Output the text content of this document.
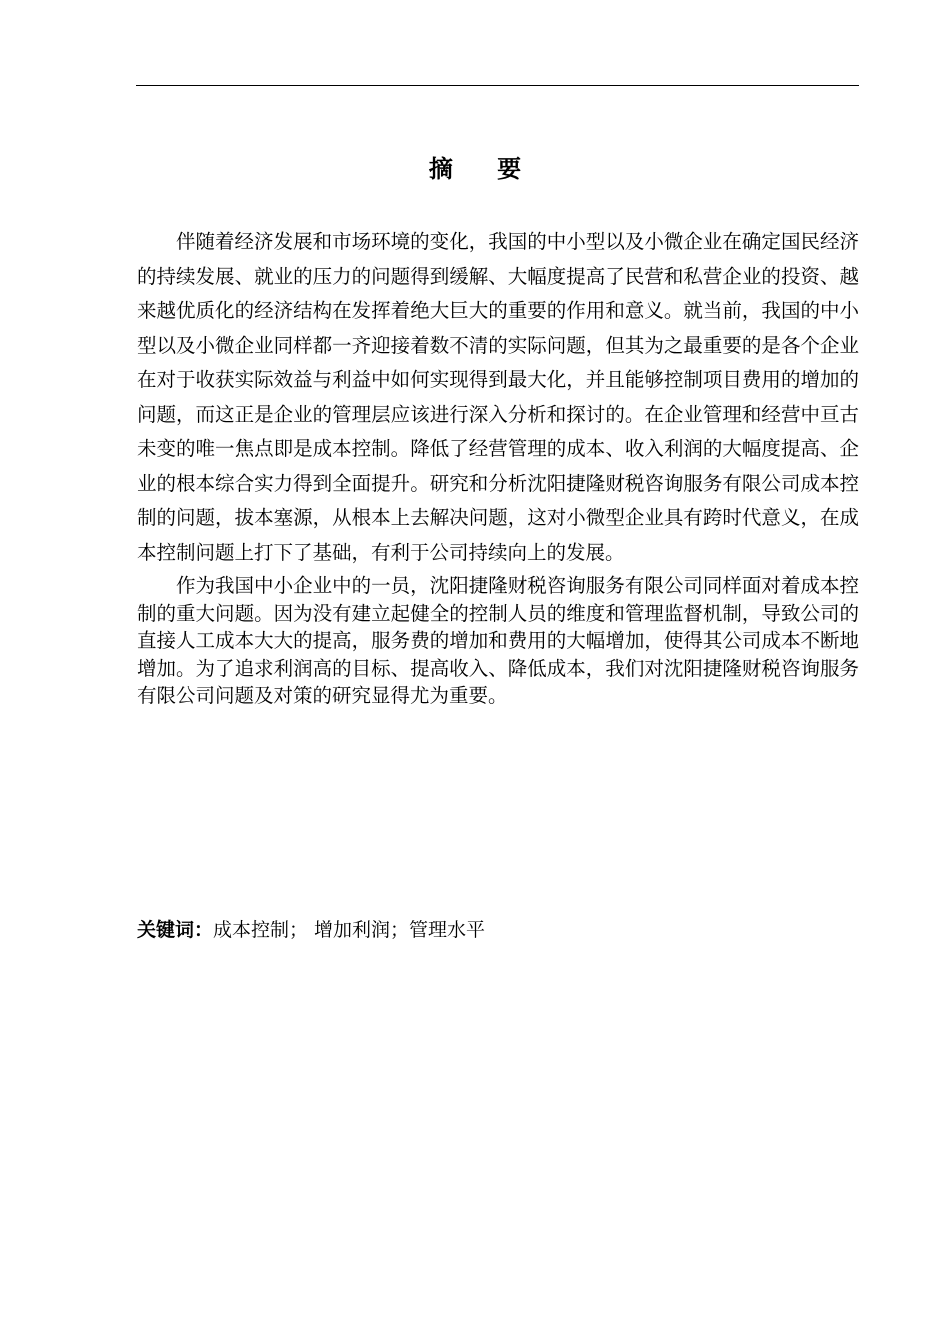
摘 要

伴随着经济发展和市场环境的变化，我国的中小型以及小微企业在确定国民经济的持续发展、就业的压力的问题得到缓解、大幅度提高了民营和私营企业的投资、越来越优质化的经济结构在发挥着绝大巨大的重要的作用和意义。就当前，我国的中小型以及小微企业同样都一齐迎接着数不清的实际问题，但其为之最重要的是各个企业在对于收获实际效益与利益中如何实现得到最大化，并且能够控制项目费用的增加的问题，而这正是企业的管理层应该进行深入分析和探讨的。在企业管理和经营中亘古未变的唯一焦点即是成本控制。降低了经营管理的成本、收入利润的大幅度提高、企业的根本综合实力得到全面提升。研究和分析沈阳捷隆财税咨询服务有限公司成本控制的问题，拔本塞源，从根本上去解决问题，这对小微型企业具有跨时代意义，在成本控制问题上打下了基础，有利于公司持续向上的发展。

作为我国中小企业中的一员，沈阳捷隆财税咨询服务有限公司同样面对着成本控制的重大问题。因为没有建立起健全的控制人员的维度和管理监督机制，导致公司的直接人工成本大大的提高，服务费的增加和费用的大幅增加，使得其公司成本不断地增加。为了追求利润高的目标、提高收入、降低成本，我们对沈阳捷隆财税咨询服务有限公司问题及对策的研究显得尤为重要。

关键词：成本控制； 增加利润；管理水平
